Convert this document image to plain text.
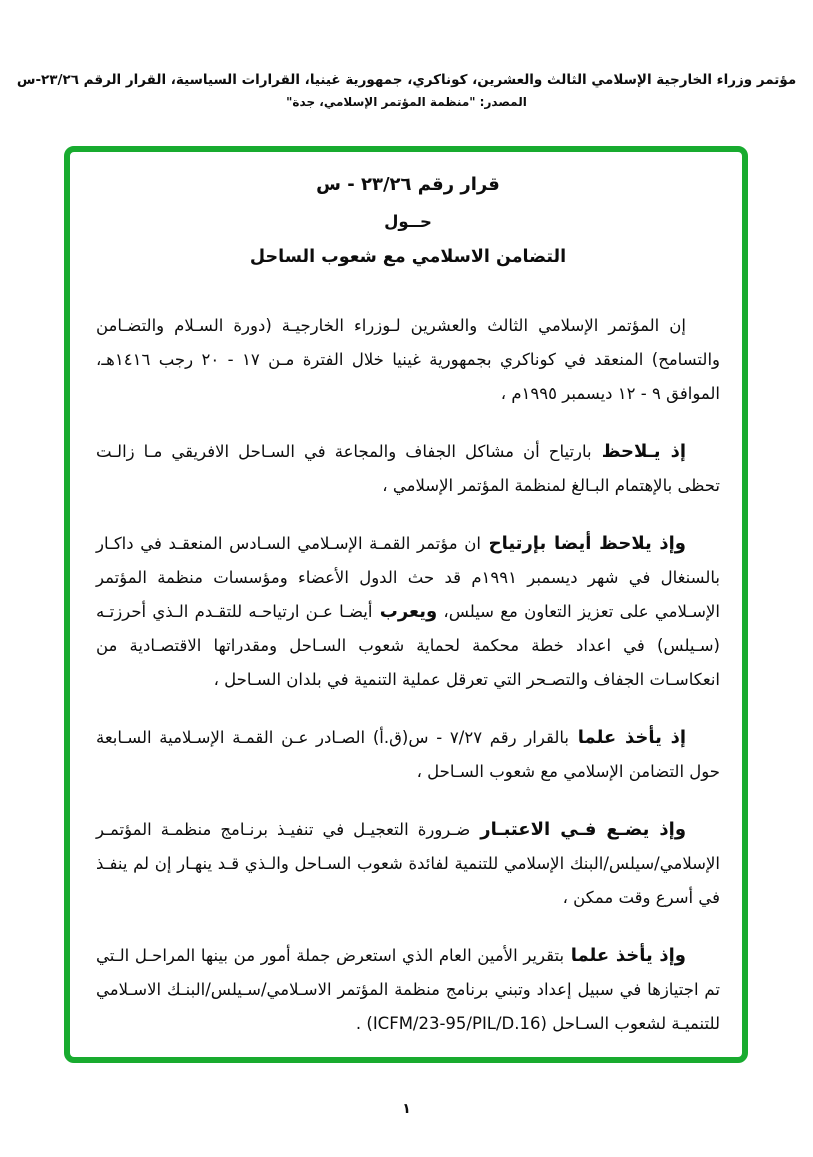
مؤتمر وزراء الخارجية الإسلامي الثالث والعشرين، كوناكري، جمهورية غينيا، القرارات السياسية، القرار الرقم ٢٣/٢٦-س
المصدر: "منظمة المؤتمر الإسلامي، جدة"
قرار رقم ٢٣/٢٦ - س
حــول
التضامن الاسلامي مع شعوب الساحل

إن المؤتمر الإسلامي الثالث والعشرين لـوزراء الخارجيـة (دورة السـلام والتضـامن والتسامح) المنعقد في كوناكري بجمهورية غينيا خلال الفترة مـن ١٧ - ٢٠ رجب ١٤١٦هـ، الموافق ٩ - ١٢ ديسمبر ١٩٩٥م ،

إذ يـلاحظ بارتياح أن مشاكل الجفاف والمجاعة في السـاحل الافريقي مـا زالـت تحظى بالإهتمام البـالغ لمنظمة المؤتمر الإسلامي ،

وإذ يلاحظ أيضا بإرتياح ان مؤتمر القمـة الإسـلامي السـادس المنعقـد في داكـار بالسنغال في شهر ديسمبر ١٩٩١م قد حث الدول الأعضاء ومؤسسات منظمة المؤتمر الإسـلامي على تعزيز التعاون مع سيلس، ويعرب أيضـا عـن ارتياحـه للتقـدم الـذي أحرزتـه (سـيلس) في اعداد خطة محكمة لحماية شعوب السـاحل ومقدراتها الاقتصـادية من انعكاسـات الجفاف والتصـحر التي تعرقل عملية التنمية في بلدان السـاحل ،

إذ يأخذ علما بالقرار رقم ٧/٢٧ - س(ق.أ) الصـادر عـن القمـة الإسـلامية السـابعة حول التضامن الإسلامي مع شعوب السـاحل ،

وإذ يضـع فـي الاعتبـار ضـرورة التعجيـل في تنفيـذ برنـامج منظمـة المؤتمـر الإسلامي/سيلس/البنك الإسلامي للتنمية لفائدة شعوب السـاحل والـذي قـد ينهـار إن لم ينفـذ في أسرع وقت ممكن ،

وإذ يأخذ علما بتقرير الأمين العام الذي استعرض جملة أمور من بينها المراحـل الـتي تم اجتيازها في سبيل إعداد وتبني برنامج منظمة المؤتمر الاسـلامي/سـيلس/البنـك الاسـلامي للتنميـة لشعوب السـاحل (ICFM/23-95/PIL/D.16) .

١
